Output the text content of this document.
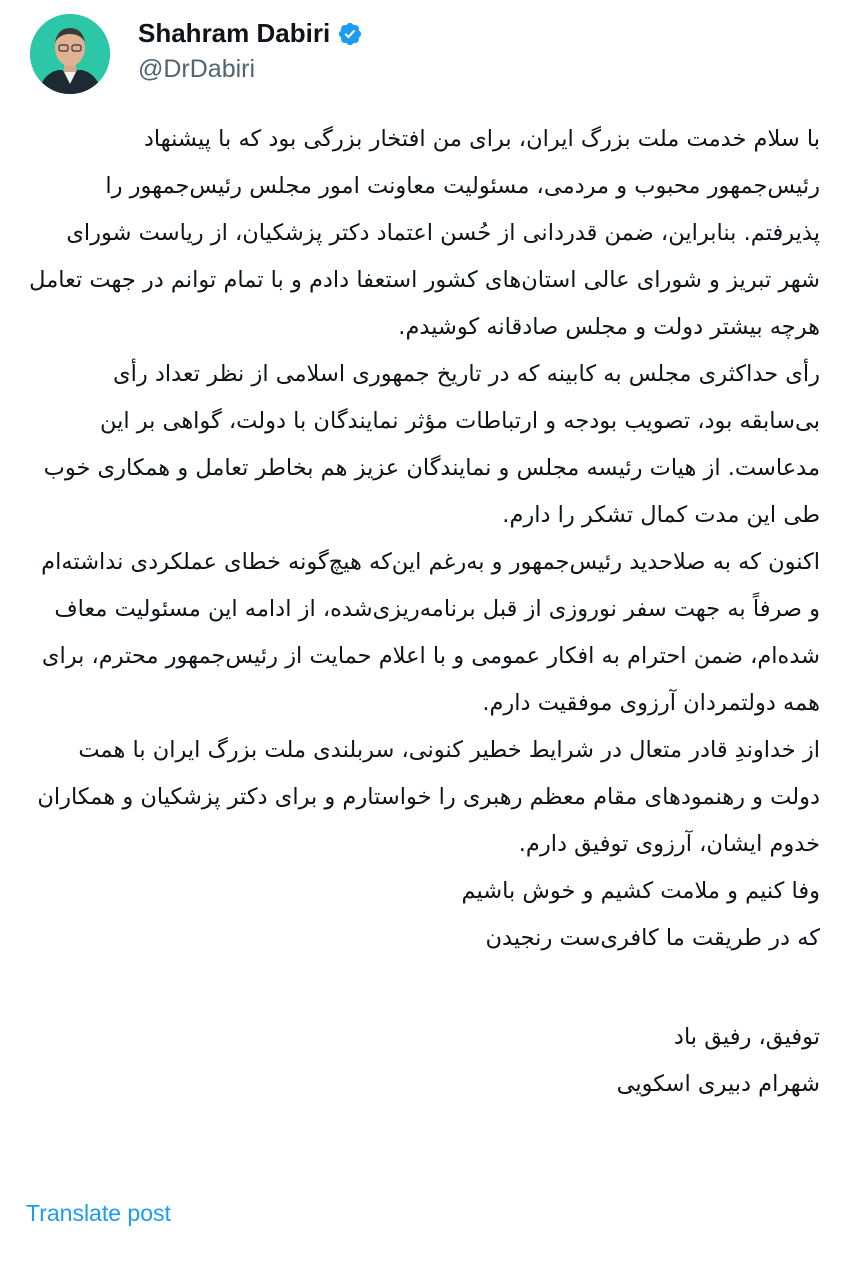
Shahram Dabiri
@DrDabiri

با سلام خدمت ملت بزرگ ایران، برای من افتخار بزرگی بود که با پیشنهاد رئیس‌جمهور محبوب و مردمی، مسئولیت معاونت امور مجلس رئیس‌جمهور را پذیرفتم. بنابراین، ضمن قدردانی از حُسن اعتماد دکتر پزشکیان، از ریاست شورای شهر تبریز و شورای عالی استان‌های کشور استعفا دادم و با تمام توانم در جهت تعامل هرچه بیشتر دولت و مجلس صادقانه کوشیدم.

رأی حداکثری مجلس به کابینه که در تاریخ جمهوری اسلامی از نظر تعداد رأی بی‌سابقه بود، تصویب بودجه و ارتباطات مؤثر نمایندگان با دولت، گواهی بر این مدعاست. از هیات رئیسه مجلس و نمایندگان عزیز هم بخاطر تعامل و همکاری خوب طی این مدت کمال تشکر را دارم.

اکنون که به صلاحدید رئیس‌جمهور و به‌رغم این‌که هیچ‌گونه خطای عملکردی نداشته‌ام و صرفاً به جهت سفر نوروزی از قبل برنامه‌ریزی‌شده، از ادامه این مسئولیت معاف شده‌ام، ضمن احترام به افکار عمومی و با اعلام حمایت از رئیس‌جمهور محترم، برای همه دولتمردان آرزوی موفقیت دارم.

از خداوندِ قادر متعال در شرایط خطیر کنونی، سربلندی ملت بزرگ ایران با همت دولت و رهنمودهای مقام معظم رهبری را خواستارم و برای دکتر پزشکیان و همکاران خدوم ایشان، آرزوی توفیق دارم.

وفا کنیم و ملامت کشیم و خوش باشیم

که در طریقت ما کافری‌ست رنجیدن

توفیق، رفیق باد

شهرام دبیری اسکویی

Translate post
